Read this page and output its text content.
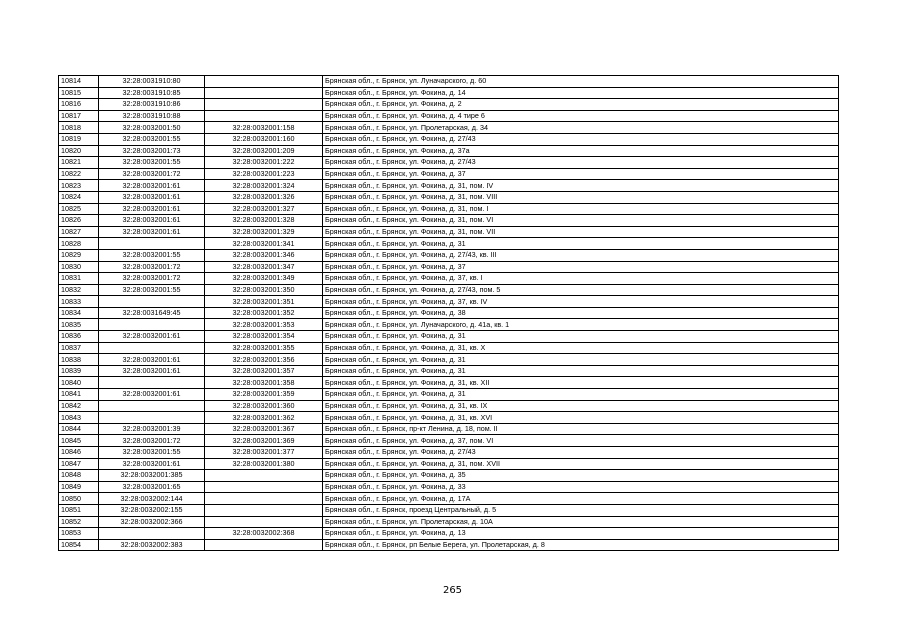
10814	32:28:0031910:80		Брянская обл., г. Брянск, ул. Луначарского, д. 60
10815	32:28:0031910:85		Брянская обл., г. Брянск, ул. Фокина, д. 14
10816	32:28:0031910:86		Брянская обл., г. Брянск, ул. Фокина, д. 2
10817	32:28:0031910:88		Брянская обл., г. Брянск, ул. Фокина, д. 4 тире 6
10818	32:28:0032001:50	32:28:0032001:158	Брянская обл., г. Брянск, ул. Пролетарская, д. 34
10819	32:28:0032001:55	32:28:0032001:160	Брянская обл., г. Брянск, ул. Фокина, д. 27/43
10820	32:28:0032001:73	32:28:0032001:209	Брянская обл., г. Брянск, ул. Фокина, д. 37а
10821	32:28:0032001:55	32:28:0032001:222	Брянская обл., г. Брянск, ул. Фокина, д. 27/43
10822	32:28:0032001:72	32:28:0032001:223	Брянская обл., г. Брянск, ул. Фокина, д. 37
10823	32:28:0032001:61	32:28:0032001:324	Брянская обл., г. Брянск, ул. Фокина, д. 31, пом. IV
10824	32:28:0032001:61	32:28:0032001:326	Брянская обл., г. Брянск, ул. Фокина, д. 31, пом. VIII
10825	32:28:0032001:61	32:28:0032001:327	Брянская обл., г. Брянск, ул. Фокина, д. 31, пом. I
10826	32:28:0032001:61	32:28:0032001:328	Брянская обл., г. Брянск, ул. Фокина, д. 31, пом. VI
10827	32:28:0032001:61	32:28:0032001:329	Брянская обл., г. Брянск, ул. Фокина, д. 31, пом. VII
10828		32:28:0032001:341	Брянская обл., г. Брянск, ул. Фокина, д. 31
10829	32:28:0032001:55	32:28:0032001:346	Брянская обл., г. Брянск, ул. Фокина, д. 27/43, кв. III
10830	32:28:0032001:72	32:28:0032001:347	Брянская обл., г. Брянск, ул. Фокина, д. 37
10831	32:28:0032001:72	32:28:0032001:349	Брянская обл., г. Брянск, ул. Фокина, д. 37, кв. I
10832	32:28:0032001:55	32:28:0032001:350	Брянская обл., г. Брянск, ул. Фокина, д. 27/43, пом. 5
10833		32:28:0032001:351	Брянская обл., г. Брянск, ул. Фокина, д. 37, кв. IV
10834	32:28:0031649:45	32:28:0032001:352	Брянская обл., г. Брянск, ул. Фокина, д. 38
10835		32:28:0032001:353	Брянская обл., г. Брянск, ул. Луначарского, д. 41а, кв. 1
10836	32:28:0032001:61	32:28:0032001:354	Брянская обл., г. Брянск, ул. Фокина, д. 31
10837		32:28:0032001:355	Брянская обл., г. Брянск, ул. Фокина, д. 31, кв. X
10838	32:28:0032001:61	32:28:0032001:356	Брянская обл., г. Брянск, ул. Фокина, д. 31
10839	32:28:0032001:61	32:28:0032001:357	Брянская обл., г. Брянск, ул. Фокина, д. 31
10840		32:28:0032001:358	Брянская обл., г. Брянск, ул. Фокина, д. 31, кв. XII
10841	32:28:0032001:61	32:28:0032001:359	Брянская обл., г. Брянск, ул. Фокина, д. 31
10842		32:28:0032001:360	Брянская обл., г. Брянск, ул. Фокина, д. 31, кв. IX
10843		32:28:0032001:362	Брянская обл., г. Брянск, ул. Фокина, д. 31, кв. XVI
10844	32:28:0032001:39	32:28:0032001:367	Брянская обл., г. Брянск, пр-кт Ленина, д. 18, пом. II
10845	32:28:0032001:72	32:28:0032001:369	Брянская обл., г. Брянск, ул. Фокина, д. 37, пом. VI
10846	32:28:0032001:55	32:28:0032001:377	Брянская обл., г. Брянск, ул. Фокина, д. 27/43
10847	32:28:0032001:61	32:28:0032001:380	Брянская обл., г. Брянск, ул. Фокина, д. 31, пом. XVII
10848	32:28:0032001:385		Брянская обл., г. Брянск, ул. Фокина, д. 35
10849	32:28:0032001:65		Брянская обл., г. Брянск, ул. Фокина, д. 33
10850	32:28:0032002:144		Брянская обл., г. Брянск, ул. Фокина, д. 17А
10851	32:28:0032002:155		Брянская обл., г. Брянск, проезд Центральный, д. 5
10852	32:28:0032002:366		Брянская обл., г. Брянск, ул. Пролетарская, д. 10А
10853		32:28:0032002:368	Брянская обл., г. Брянск, ул. Фокина, д. 13
10854	32:28:0032002:383		Брянская обл., г. Брянск, рп Белые Берега, ул. Пролетарская, д. 8
265
